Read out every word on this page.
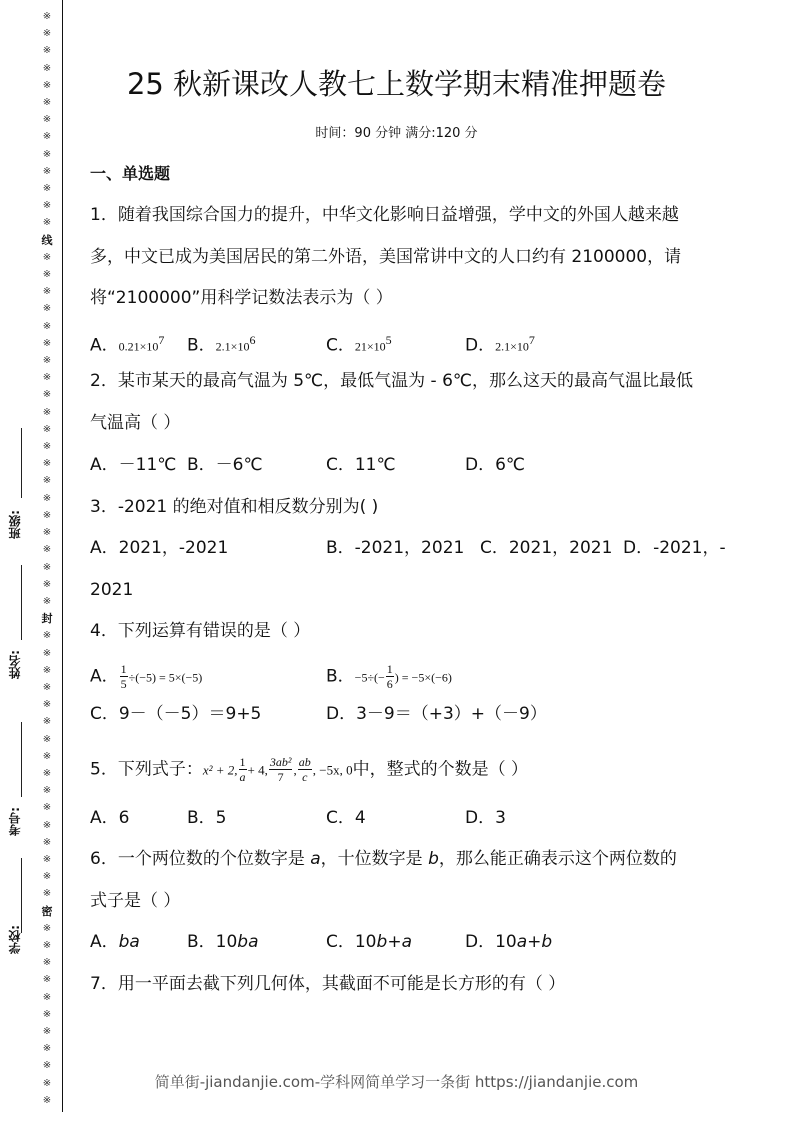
※
※
※
※
※
※
※
※
※
※
※
※
※
线
※
※
※
※
※
※
※
※
※
※
※
※
※
※
※
※
※
※
※
※
※
封
※
※
※
※
※
※
※
※
※
※
※
※
※
※
※
※
密
※
※
※
※
※
※
※
※
※
※
※
班级:
姓名:
考号:
学校:
25 秋新课改人教七上数学期末精准押题卷
时间：90 分钟 满分:120 分
一、单选题
1．随着我国综合国力的提升，中华文化影响日益增强，学中文的外国人越来越
多，中文已成为美国居民的第二外语，美国常讲中文的人口约有 2100000，请
将“2100000”用科学记数法表示为（ ）
A．$0.21\times 10^7$ B．$2.1\times 10^6$	C．$21\times 10^5$	D．$2.1\times 10^7$
2．某市某天的最高气温为 5℃，最低气温为 - 6℃，那么这天的最高气温比最低
气温高（ ）
A．－11℃ B．－6℃	C．11℃	D．6℃
3．-2021 的绝对值和相反数分别为( )
A．2021，-2021	B．-2021，2021 C．2021，2021 D．-2021，-
2021
4．下列运算有错误的是（ ）
A． $\frac{1}{5} \div(-5) = 5\times(-5)$	B．$-5\div(- \frac{1}{6}$ ) = −5×(−6)
C．9－（－5）＝9+5	D．3－9＝（+3）+（－9）
5．下列式子：x² + 2, $\frac{1}{a} + 4$, $\frac{\text{3ab²}}{7}$ , $\frac{ab}{c}$ , −5x, 0中，整式的个数是（ ）
A．6	B．5	C．4	D．3
6．一个两位数的个位数字是 a，十位数字是 b，那么能正确表示这个两位数的
式子是（ ）
A．ba	B．10ba	C．10b+a	D．10a+b
7．用一平面去截下列几何体，其截面不可能是长方形的有（ ）
简单街-jiandanjie.com-学科网简单学习一条街 https://jiandanjie.com
